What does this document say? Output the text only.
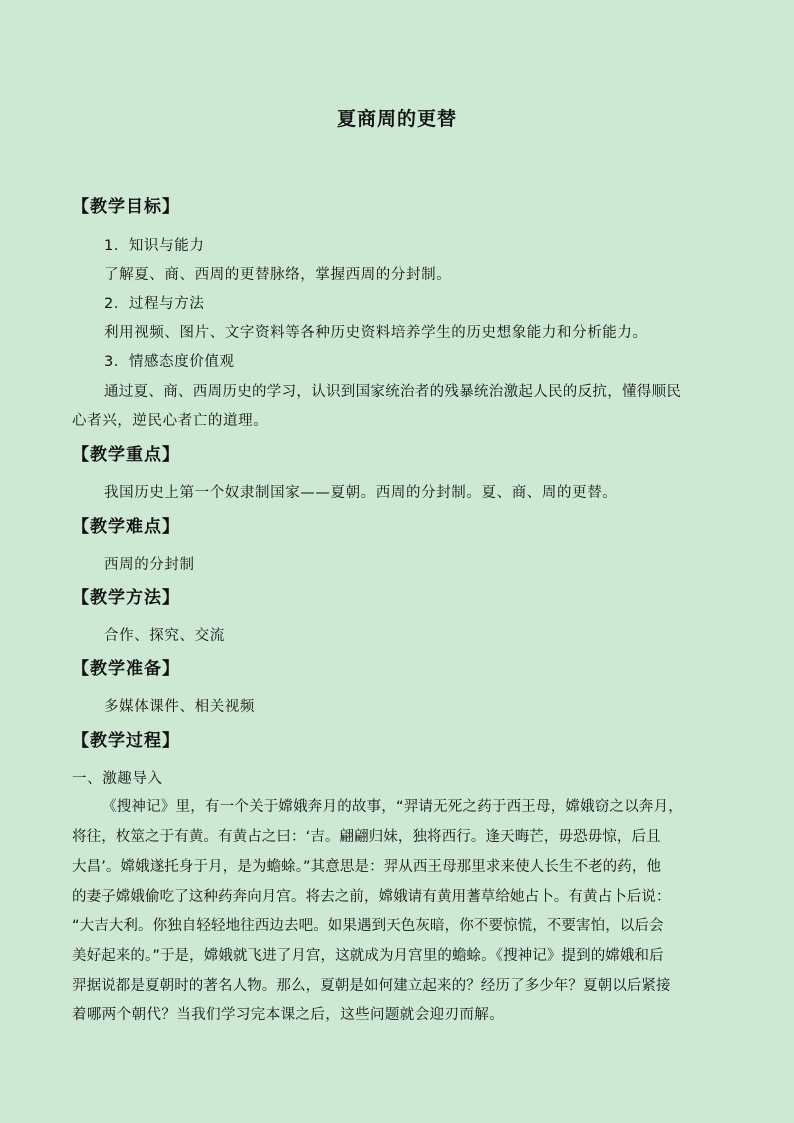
夏商周的更替
【教学目标】
1．知识与能力
了解夏、商、西周的更替脉络，掌握西周的分封制。
2．过程与方法
利用视频、图片、文字资料等各种历史资料培养学生的历史想象能力和分析能力。
3．情感态度价值观
通过夏、商、西周历史的学习，认识到国家统治者的残暴统治激起人民的反抗，懂得顺民
心者兴，逆民心者亡的道理。
【教学重点】
我国历史上第一个奴隶制国家——夏朝。西周的分封制。夏、商、周的更替。
【教学难点】
西周的分封制
【教学方法】
合作、探究、交流
【教学准备】
多媒体课件、相关视频
【教学过程】
一、激趣导入
《搜神记》里，有一个关于嫦娥奔月的故事，“羿请无死之药于西王母，嫦娥窃之以奔月，
将往，枚筮之于有黄。有黄占之曰：‘吉。翩翩归妹，独将西行。逢天晦芒，毋恐毋惊，后且
大昌’。嫦娥遂托身于月，是为蟾蜍。”其意思是：羿从西王母那里求来使人长生不老的药，他
的妻子嫦娥偷吃了这种药奔向月宫。将去之前，嫦娥请有黄用蓍草给她占卜。有黄占卜后说：
“大吉大利。你独自轻轻地往西边去吧。如果遇到天色灰暗，你不要惊慌，不要害怕，以后会
美好起来的。”于是，嫦娥就飞进了月宫，这就成为月宫里的蟾蜍。《搜神记》提到的嫦娥和后
羿据说都是夏朝时的著名人物。那么，夏朝是如何建立起来的？经历了多少年？夏朝以后紧接
着哪两个朝代？当我们学习完本课之后，这些问题就会迎刃而解。
